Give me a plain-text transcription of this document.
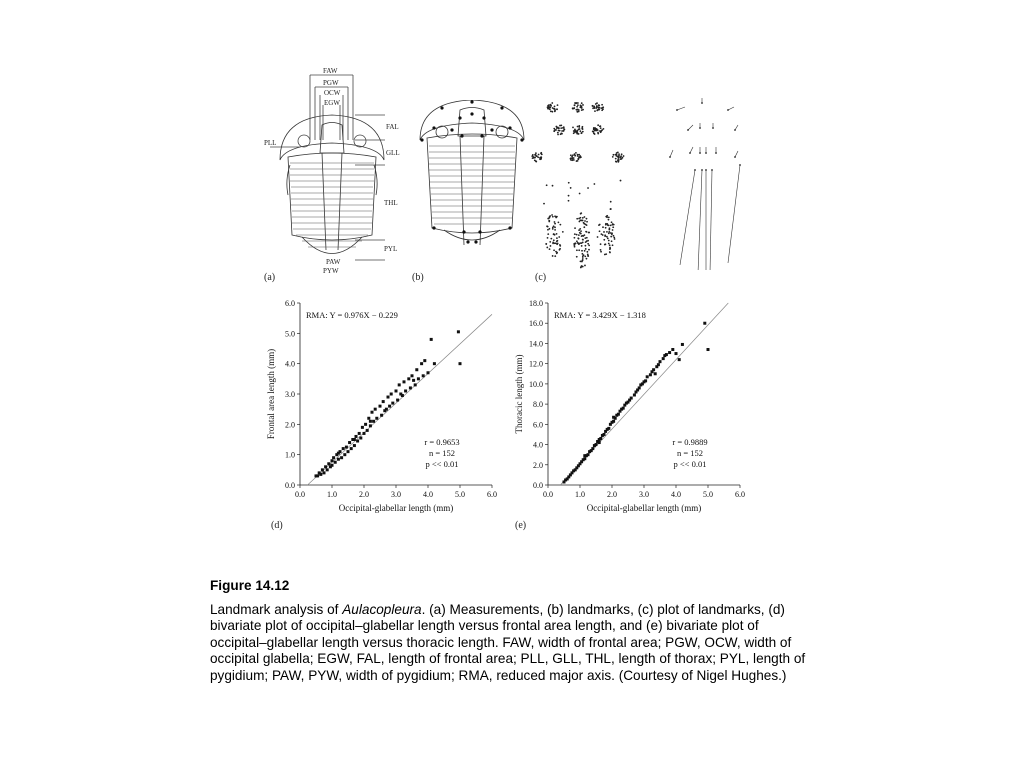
FAW
PGW
OCW
EGW
FAL
GLL
PLL
THL
PYL
PAW
PYW
(a)	(b)	(c)
0.0	1.0	2.0	3.0	4.0	5.0	6.0
0.0
1.0
2.0
3.0
4.0
5.0
6.0
Occipital-glabellar length (mm)
Frontal area length (mm)
RMA: Y = 0.976X − 0.229
r = 0.9653
n = 152
p << 0.01
(d)
0.0	1.0	2.0	3.0	4.0	5.0	6.0
0.0
2.0
4.0
6.0
8.0
10.0
12.0
14.0
16.0
18.0
Occipital-glabellar length (mm)
Thoracic length (mm)
RMA: Y = 3.429X − 1.318
r = 0.9889
n = 152
p << 0.01
(e)
Figure 14.12

Landmark analysis of Aulacopleura. (a) Measurements, (b) landmarks, (c) plot of landmarks, (d) bivariate plot of occipital–glabellar length versus frontal area length, and (e) bivariate plot of occipital–glabellar length versus thoracic length. FAW, width of frontal area; PGW, OCW, width of occipital glabella; EGW, FAL, length of frontal area; PLL, GLL, THL, length of thorax; PYL, length of pygidium; PAW, PYW, width of pygidium; RMA, reduced major axis. (Courtesy of Nigel Hughes.)
